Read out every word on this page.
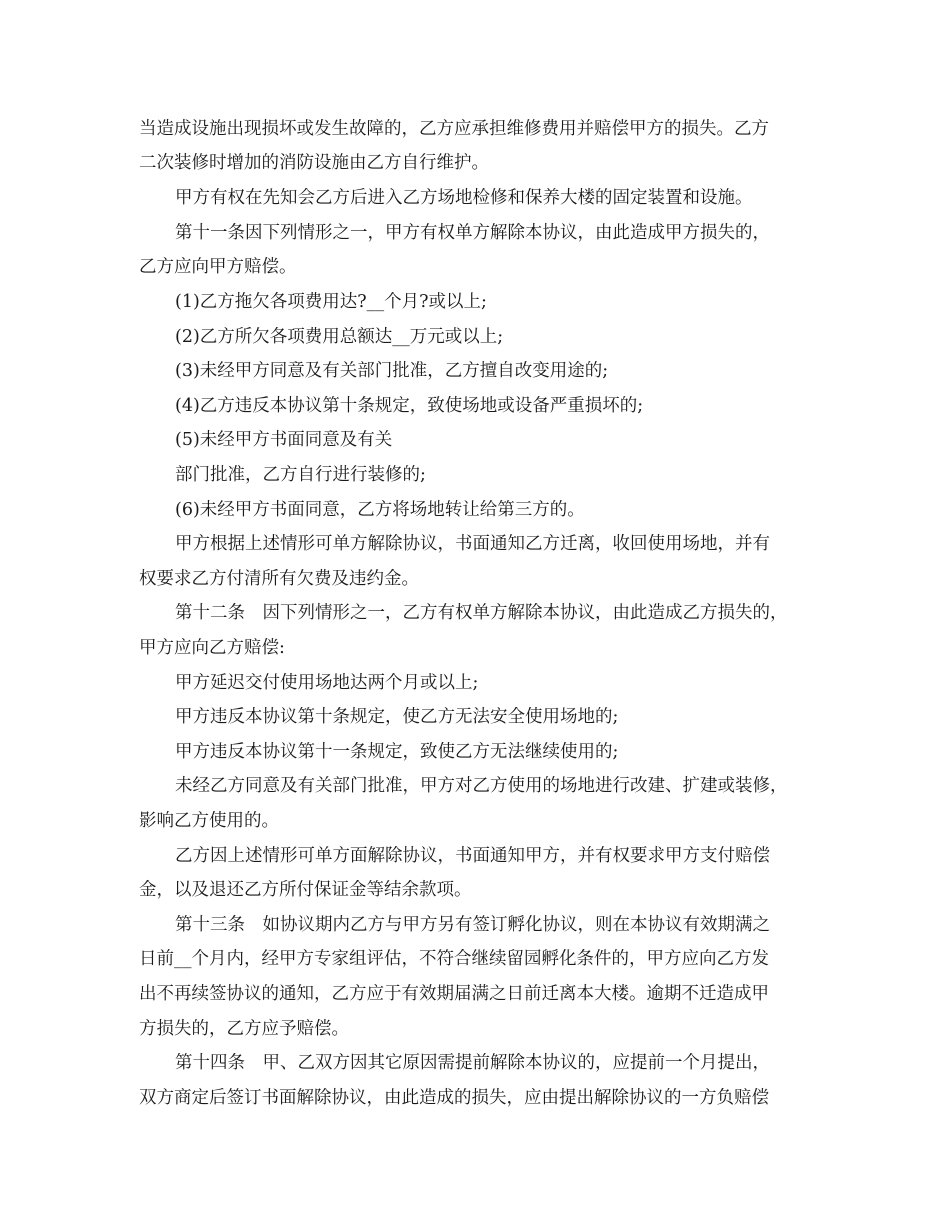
当造成设施出现损坏或发生故障的，乙方应承担维修费用并赔偿甲方的损失。乙方
二次装修时增加的消防设施由乙方自行维护。
甲方有权在先知会乙方后进入乙方场地检修和保养大楼的固定装置和设施。
第十一条因下列情形之一，甲方有权单方解除本协议，由此造成甲方损失的，
乙方应向甲方赔偿。
(1)乙方拖欠各项费用达?__个月?或以上;
(2)乙方所欠各项费用总额达__万元或以上;
(3)未经甲方同意及有关部门批准，乙方擅自改变用途的;
(4)乙方违反本协议第十条规定，致使场地或设备严重损坏的;
(5)未经甲方书面同意及有关
部门批准，乙方自行进行装修的;
(6)未经甲方书面同意，乙方将场地转让给第三方的。
甲方根据上述情形可单方解除协议，书面通知乙方迁离，收回使用场地，并有
权要求乙方付清所有欠费及违约金。
第十二条　因下列情形之一，乙方有权单方解除本协议，由此造成乙方损失的，
甲方应向乙方赔偿:
甲方延迟交付使用场地达两个月或以上;
甲方违反本协议第十条规定，使乙方无法安全使用场地的;
甲方违反本协议第十一条规定，致使乙方无法继续使用的;
未经乙方同意及有关部门批准，甲方对乙方使用的场地进行改建、扩建或装修，
影响乙方使用的。
乙方因上述情形可单方面解除协议，书面通知甲方，并有权要求甲方支付赔偿
金，以及退还乙方所付保证金等结余款项。
第十三条　如协议期内乙方与甲方另有签订孵化协议，则在本协议有效期满之
日前__个月内，经甲方专家组评估，不符合继续留园孵化条件的，甲方应向乙方发
出不再续签协议的通知，乙方应于有效期届满之日前迁离本大楼。逾期不迁造成甲
方损失的，乙方应予赔偿。
第十四条　甲、乙双方因其它原因需提前解除本协议的，应提前一个月提出，
双方商定后签订书面解除协议，由此造成的损失，应由提出解除协议的一方负赔偿
